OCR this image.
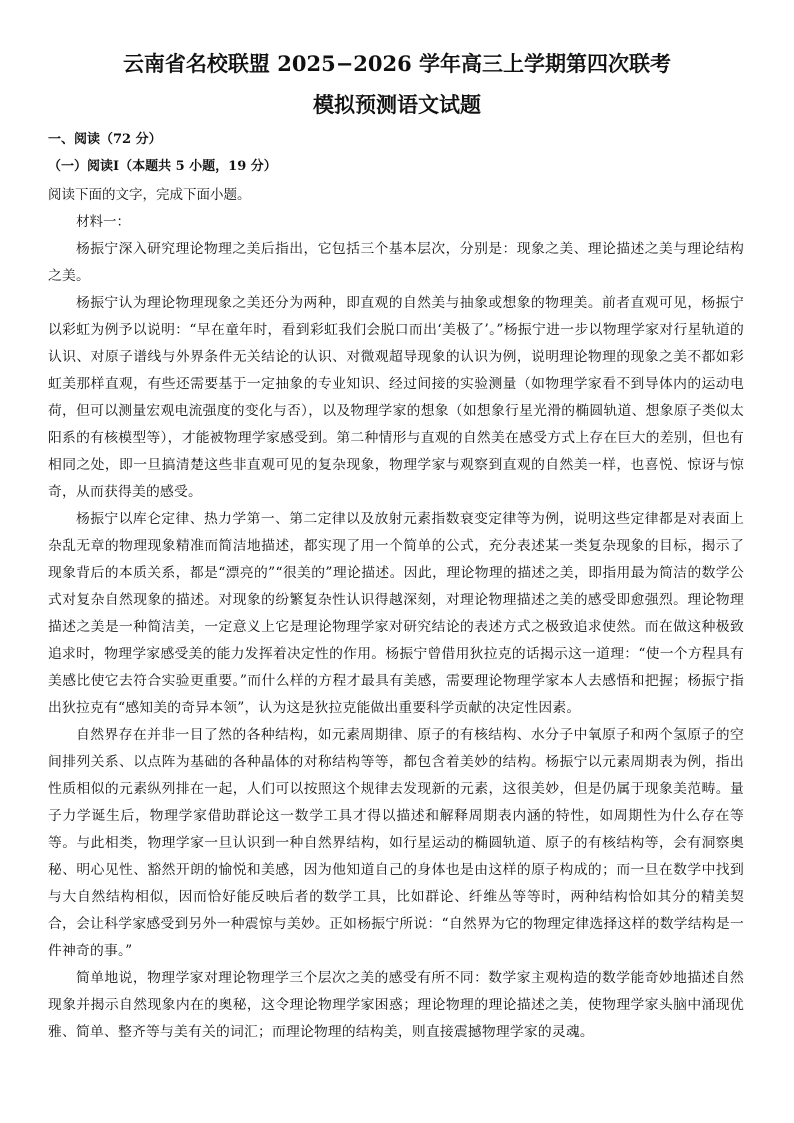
云南省名校联盟 2025−2026 学年高三上学期第四次联考
模拟预测语文试题
一、阅读（72 分）
（一）阅读Ⅰ（本题共 5 小题，19 分）
阅读下面的文字，完成下面小题。
材料一：

杨振宁深入研究理论物理之美后指出，它包括三个基本层次，分别是：现象之美、理论描述之美与理论结构之美。

杨振宁认为理论物理现象之美还分为两种，即直观的自然美与抽象或想象的物理美。前者直观可见，杨振宁以彩虹为例予以说明：“早在童年时，看到彩虹我们会脱口而出‘美极了’。”杨振宁进一步以物理学家对行星轨道的认识、对原子谱线与外界条件无关结论的认识、对微观超导现象的认识为例，说明理论物理的现象之美不都如彩虹美那样直观，有些还需要基于一定抽象的专业知识、经过间接的实验测量（如物理学家看不到导体内的运动电荷，但可以测量宏观电流强度的变化与否），以及物理学家的想象（如想象行星光滑的椭圆轨道、想象原子类似太阳系的有核模型等），才能被物理学家感受到。第二种情形与直观的自然美在感受方式上存在巨大的差别，但也有相同之处，即一旦搞清楚这些非直观可见的复杂现象，物理学家与观察到直观的自然美一样，也喜悦、惊讶与惊奇，从而获得美的感受。

杨振宁以库仑定律、热力学第一、第二定律以及放射元素指数衰变定律等为例，说明这些定律都是对表面上杂乱无章的物理现象精准而简洁地描述，都实现了用一个简单的公式，充分表述某一类复杂现象的目标，揭示了现象背后的本质关系，都是“漂亮的”“很美的”理论描述。因此，理论物理的描述之美，即指用最为简洁的数学公式对复杂自然现象的描述。对现象的纷繁复杂性认识得越深刻，对理论物理描述之美的感受即愈强烈。理论物理描述之美是一种简洁美，一定意义上它是理论物理学家对研究结论的表述方式之极致追求使然。而在做这种极致追求时，物理学家感受美的能力发挥着决定性的作用。杨振宁曾借用狄拉克的话揭示这一道理：“使一个方程具有美感比使它去符合实验更重要。”而什么样的方程才最具有美感，需要理论物理学家本人去感悟和把握；杨振宁指出狄拉克有“感知美的奇异本领”，认为这是狄拉克能做出重要科学贡献的决定性因素。

自然界存在并非一目了然的各种结构，如元素周期律、原子的有核结构、水分子中氧原子和两个氢原子的空间排列关系、以点阵为基础的各种晶体的对称结构等等，都包含着美妙的结构。杨振宁以元素周期表为例，指出性质相似的元素纵列排在一起，人们可以按照这个规律去发现新的元素，这很美妙，但是仍属于现象美范畴。量子力学诞生后，物理学家借助群论这一数学工具才得以描述和解释周期表内涵的特性，如周期性为什么存在等等。与此相类，物理学家一旦认识到一种自然界结构，如行星运动的椭圆轨道、原子的有核结构等，会有洞察奥秘、明心见性、豁然开朗的愉悦和美感，因为他知道自己的身体也是由这样的原子构成的；而一旦在数学中找到与大自然结构相似，因而恰好能反映后者的数学工具，比如群论、纤维丛等等时，两种结构恰如其分的精美契合，会让科学家感受到另外一种震惊与美妙。正如杨振宁所说：“自然界为它的物理定律选择这样的数学结构是一件神奇的事。”

简单地说，物理学家对理论物理学三个层次之美的感受有所不同：数学家主观构造的数学能奇妙地描述自然现象并揭示自然现象内在的奥秘，这令理论物理学家困惑；理论物理的理论描述之美，使物理学家头脑中涌现优雅、简单、整齐等与美有关的词汇；而理论物理的结构美，则直接震撼物理学家的灵魂。
